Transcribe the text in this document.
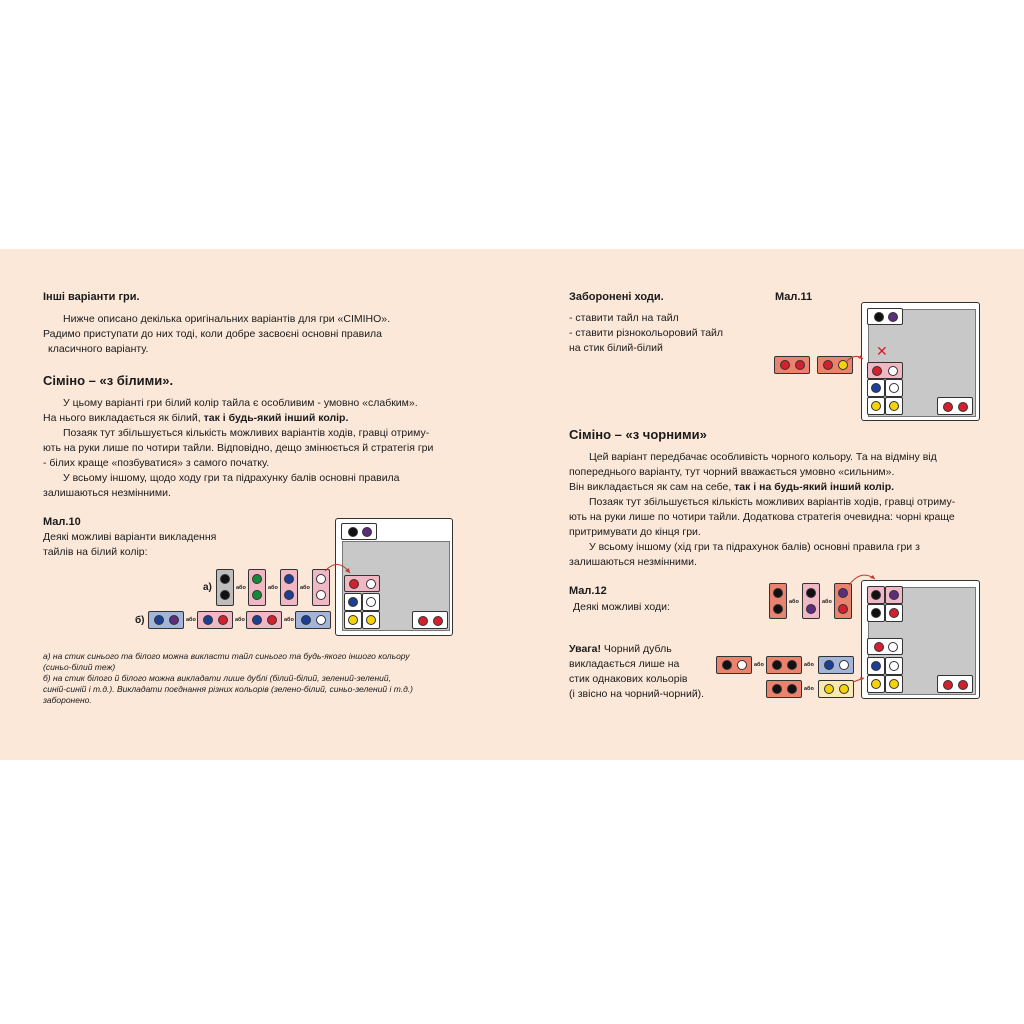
Інші варіанти гри.
Нижче описано декілька оригінальних варіантів для гри «СІМІНО».
Радимо приступати до них тоді, коли добре засвоєні основні правила
класичного варіанту.
Сіміно – «з білими».
У цьому варіанті гри білий колір тайла є особливим - умовно «слабким».
На нього викладається як білий, так і будь-який інший колір.
Позаяк тут збільшується кількість можливих варіантів ходів, гравці отриму-
ють на руки лише по чотири тайли. Відповідно, дещо змінюється й стратегія гри
- білих краще «позбуватися» з самого початку.
У всьому іншому, щодо ходу гри та підрахунку балів основні правила
залишаються незмінними.
Мал.10
Деякі можливі варіанти викладення
тайлів на білий колір:
а)	або	або	або
б)	або	або	або
а) на стик синього та білого можна викласти тайл синього та будь-якого іншого кольору
(синьо-білий теж)
б) на стик білого й білого можна викладати лише дублі (білий-білий, зелений-зелений,
синій-синій і т.д.). Викладати поєднання різних кольорів (зелено-білий, синьо-зелений і т.д.)
заборонено.
Заборонені ходи.
- ставити тайл на тайл
- ставити різнокольоровий тайл
на стик білий-білий
Мал.11
✕
Сіміно – «з чорними»
Цей варіант передбачає особливість чорного кольору. Та на відміну від
попереднього варіанту, тут чорний вважається умовно «сильним».
Він викладається як сам на себе, так і на будь-який інший колір.
Позаяк тут збільшується кількість можливих варіантів ходів, гравці отриму-
ють на руки лише по чотири тайли. Додаткова стратегія очевидна: чорні краще
притримувати до кінця гри.
У всьому іншому (хід гри та підрахунок балів) основні правила гри з
залишаються незмінними.
Мал.12
Деякі можливі ходи:
Увага! Чорний дубль
викладається лише на
стик однакових кольорів
(і звісно на чорний-чорний).
або	або
або	або
або
